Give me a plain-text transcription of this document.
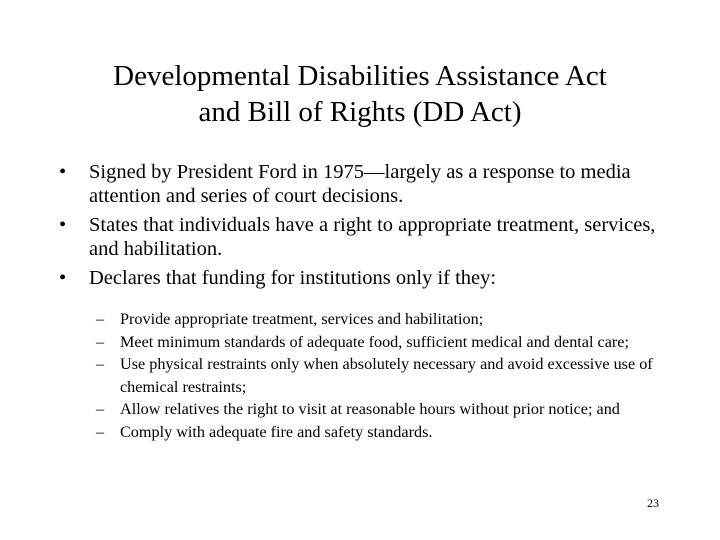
Developmental Disabilities Assistance Act
and Bill of Rights (DD Act)
• Signed by President Ford in 1975—largely as a response to media attention and series of court decisions.
• States that individuals have a right to appropriate treatment, services, and habilitation.
• Declares that funding for institutions only if they:
– Provide appropriate treatment, services and habilitation;
– Meet minimum standards of adequate food, sufficient medical and dental care;
– Use physical restraints only when absolutely necessary and avoid excessive use of chemical restraints;
– Allow relatives the right to visit at reasonable hours without prior notice; and
– Comply with adequate fire and safety standards.
23
